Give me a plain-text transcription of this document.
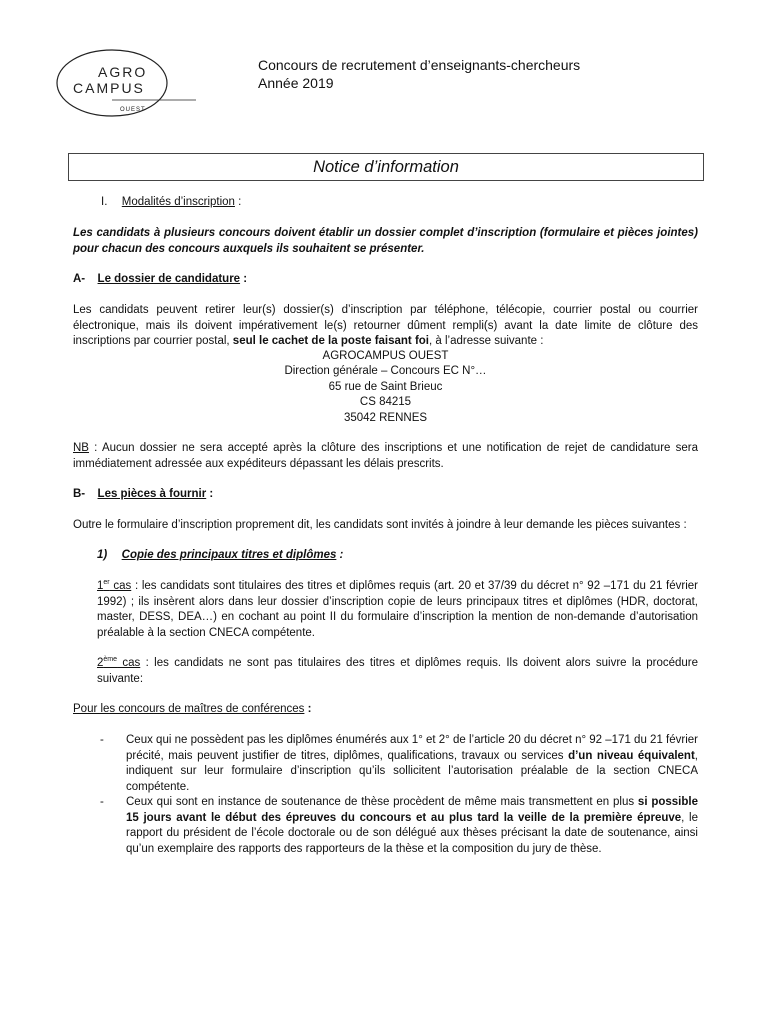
AGRO
CAMPUS
OUEST
Concours de recrutement d’enseignants-chercheurs
Année 2019
Notice d’information
I. Modalités d’inscription :
Les candidats à plusieurs concours doivent établir un dossier complet d’inscription (formulaire et pièces jointes) pour chacun des concours auxquels ils souhaitent se présenter.
A- Le dossier de candidature :
Les candidats peuvent retirer leur(s) dossier(s) d’inscription par téléphone, télécopie, courrier postal ou courrier électronique, mais ils doivent impérativement le(s) retourner dûment rempli(s) avant la date limite de clôture des inscriptions par courrier postal, seul le cachet de la poste faisant foi, à l’adresse suivante :
AGROCAMPUS OUEST
Direction générale – Concours EC N°…
65 rue de Saint Brieuc
CS 84215
35042 RENNES
NB : Aucun dossier ne sera accepté après la clôture des inscriptions et une notification de rejet de candidature sera immédiatement adressée aux expéditeurs dépassant les délais prescrits.
B- Les pièces à fournir :
Outre le formulaire d’inscription proprement dit, les candidats sont invités à joindre à leur demande les pièces suivantes :
1) Copie des principaux titres et diplômes :
1er cas : les candidats sont titulaires des titres et diplômes requis (art. 20 et 37/39 du décret n° 92 –171 du 21 février 1992) ; ils insèrent alors dans leur dossier d’inscription copie de leurs principaux titres et diplômes (HDR, doctorat, master, DESS, DEA…) en cochant au point II du formulaire d’inscription la mention de non-demande d’autorisation préalable à la section CNECA compétente.
2ème cas : les candidats ne sont pas titulaires des titres et diplômes requis. Ils doivent alors suivre la procédure suivante:
Pour les concours de maîtres de conférences :
- Ceux qui ne possèdent pas les diplômes énumérés aux 1° et 2° de l’article 20 du décret n° 92 –171 du 21 février précité, mais peuvent justifier de titres, diplômes, qualifications, travaux ou services d’un niveau équivalent, indiquent sur leur formulaire d’inscription qu’ils sollicitent l’autorisation préalable de la section CNECA compétente.
- Ceux qui sont en instance de soutenance de thèse procèdent de même mais transmettent en plus si possible 15 jours avant le début des épreuves du concours et au plus tard la veille de la première épreuve, le rapport du président de l’école doctorale ou de son délégué aux thèses précisant la date de soutenance, ainsi qu’un exemplaire des rapports des rapporteurs de la thèse et la composition du jury de thèse.
